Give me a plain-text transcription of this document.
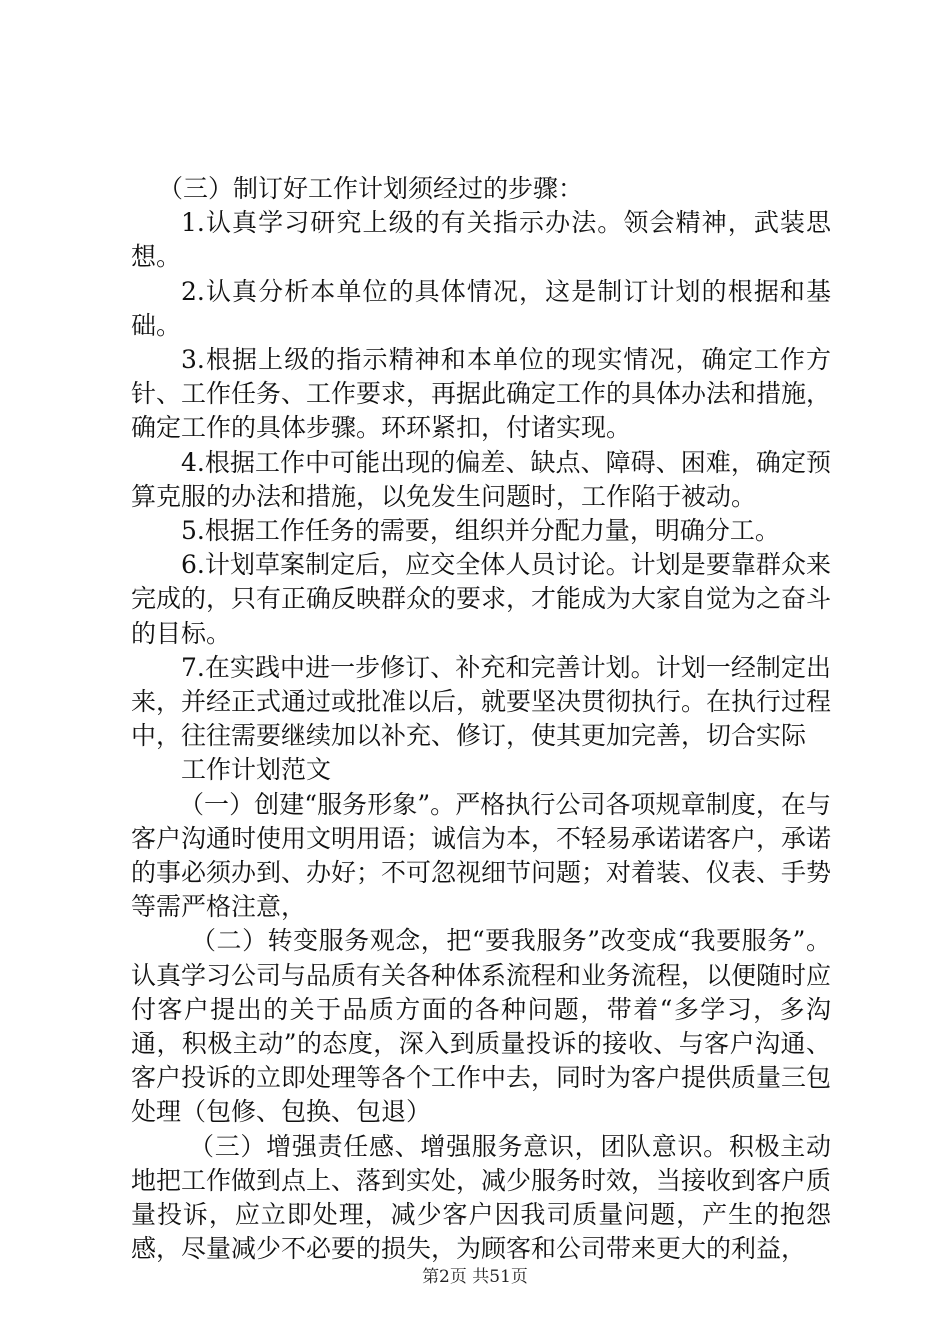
（三）制订好工作计划须经过的步骤：

1.认真学习研究上级的有关指示办法。领会精神，武装思想。

2.认真分析本单位的具体情况，这是制订计划的根据和基础。

3.根据上级的指示精神和本单位的现实情况，确定工作方针、工作任务、工作要求，再据此确定工作的具体办法和措施，确定工作的具体步骤。环环紧扣，付诸实现。

4.根据工作中可能出现的偏差、缺点、障碍、困难，确定预算克服的办法和措施，以免发生问题时，工作陷于被动。

5.根据工作任务的需要，组织并分配力量，明确分工。

6.计划草案制定后，应交全体人员讨论。计划是要靠群众来完成的，只有正确反映群众的要求，才能成为大家自觉为之奋斗的目标。

7.在实践中进一步修订、补充和完善计划。计划一经制定出来，并经正式通过或批准以后，就要坚决贯彻执行。在执行过程中，往往需要继续加以补充、修订，使其更加完善，切合实际

工作计划范文

（一）创建“服务形象”。严格执行公司各项规章制度，在与客户沟通时使用文明用语；诚信为本，不轻易承诺诺客户，承诺的事必须办到、办好；不可忽视细节问题；对着装、仪表、手势等需严格注意，

（二）转变服务观念，把“要我服务”改变成“我要服务”。认真学习公司与品质有关各种体系流程和业务流程，以便随时应付客户提出的关于品质方面的各种问题，带着“多学习，多沟通，积极主动”的态度，深入到质量投诉的接收、与客户沟通、客户投诉的立即处理等各个工作中去，同时为客户提供质量三包处理（包修、包换、包退）

（三）增强责任感、增强服务意识，团队意识。积极主动地把工作做到点上、落到实处，减少服务时效，当接收到客户质量投诉，应立即处理，减少客户因我司质量问题，产生的抱怨感，尽量减少不必要的损失，为顾客和公司带来更大的利益，

第2页 共51页
